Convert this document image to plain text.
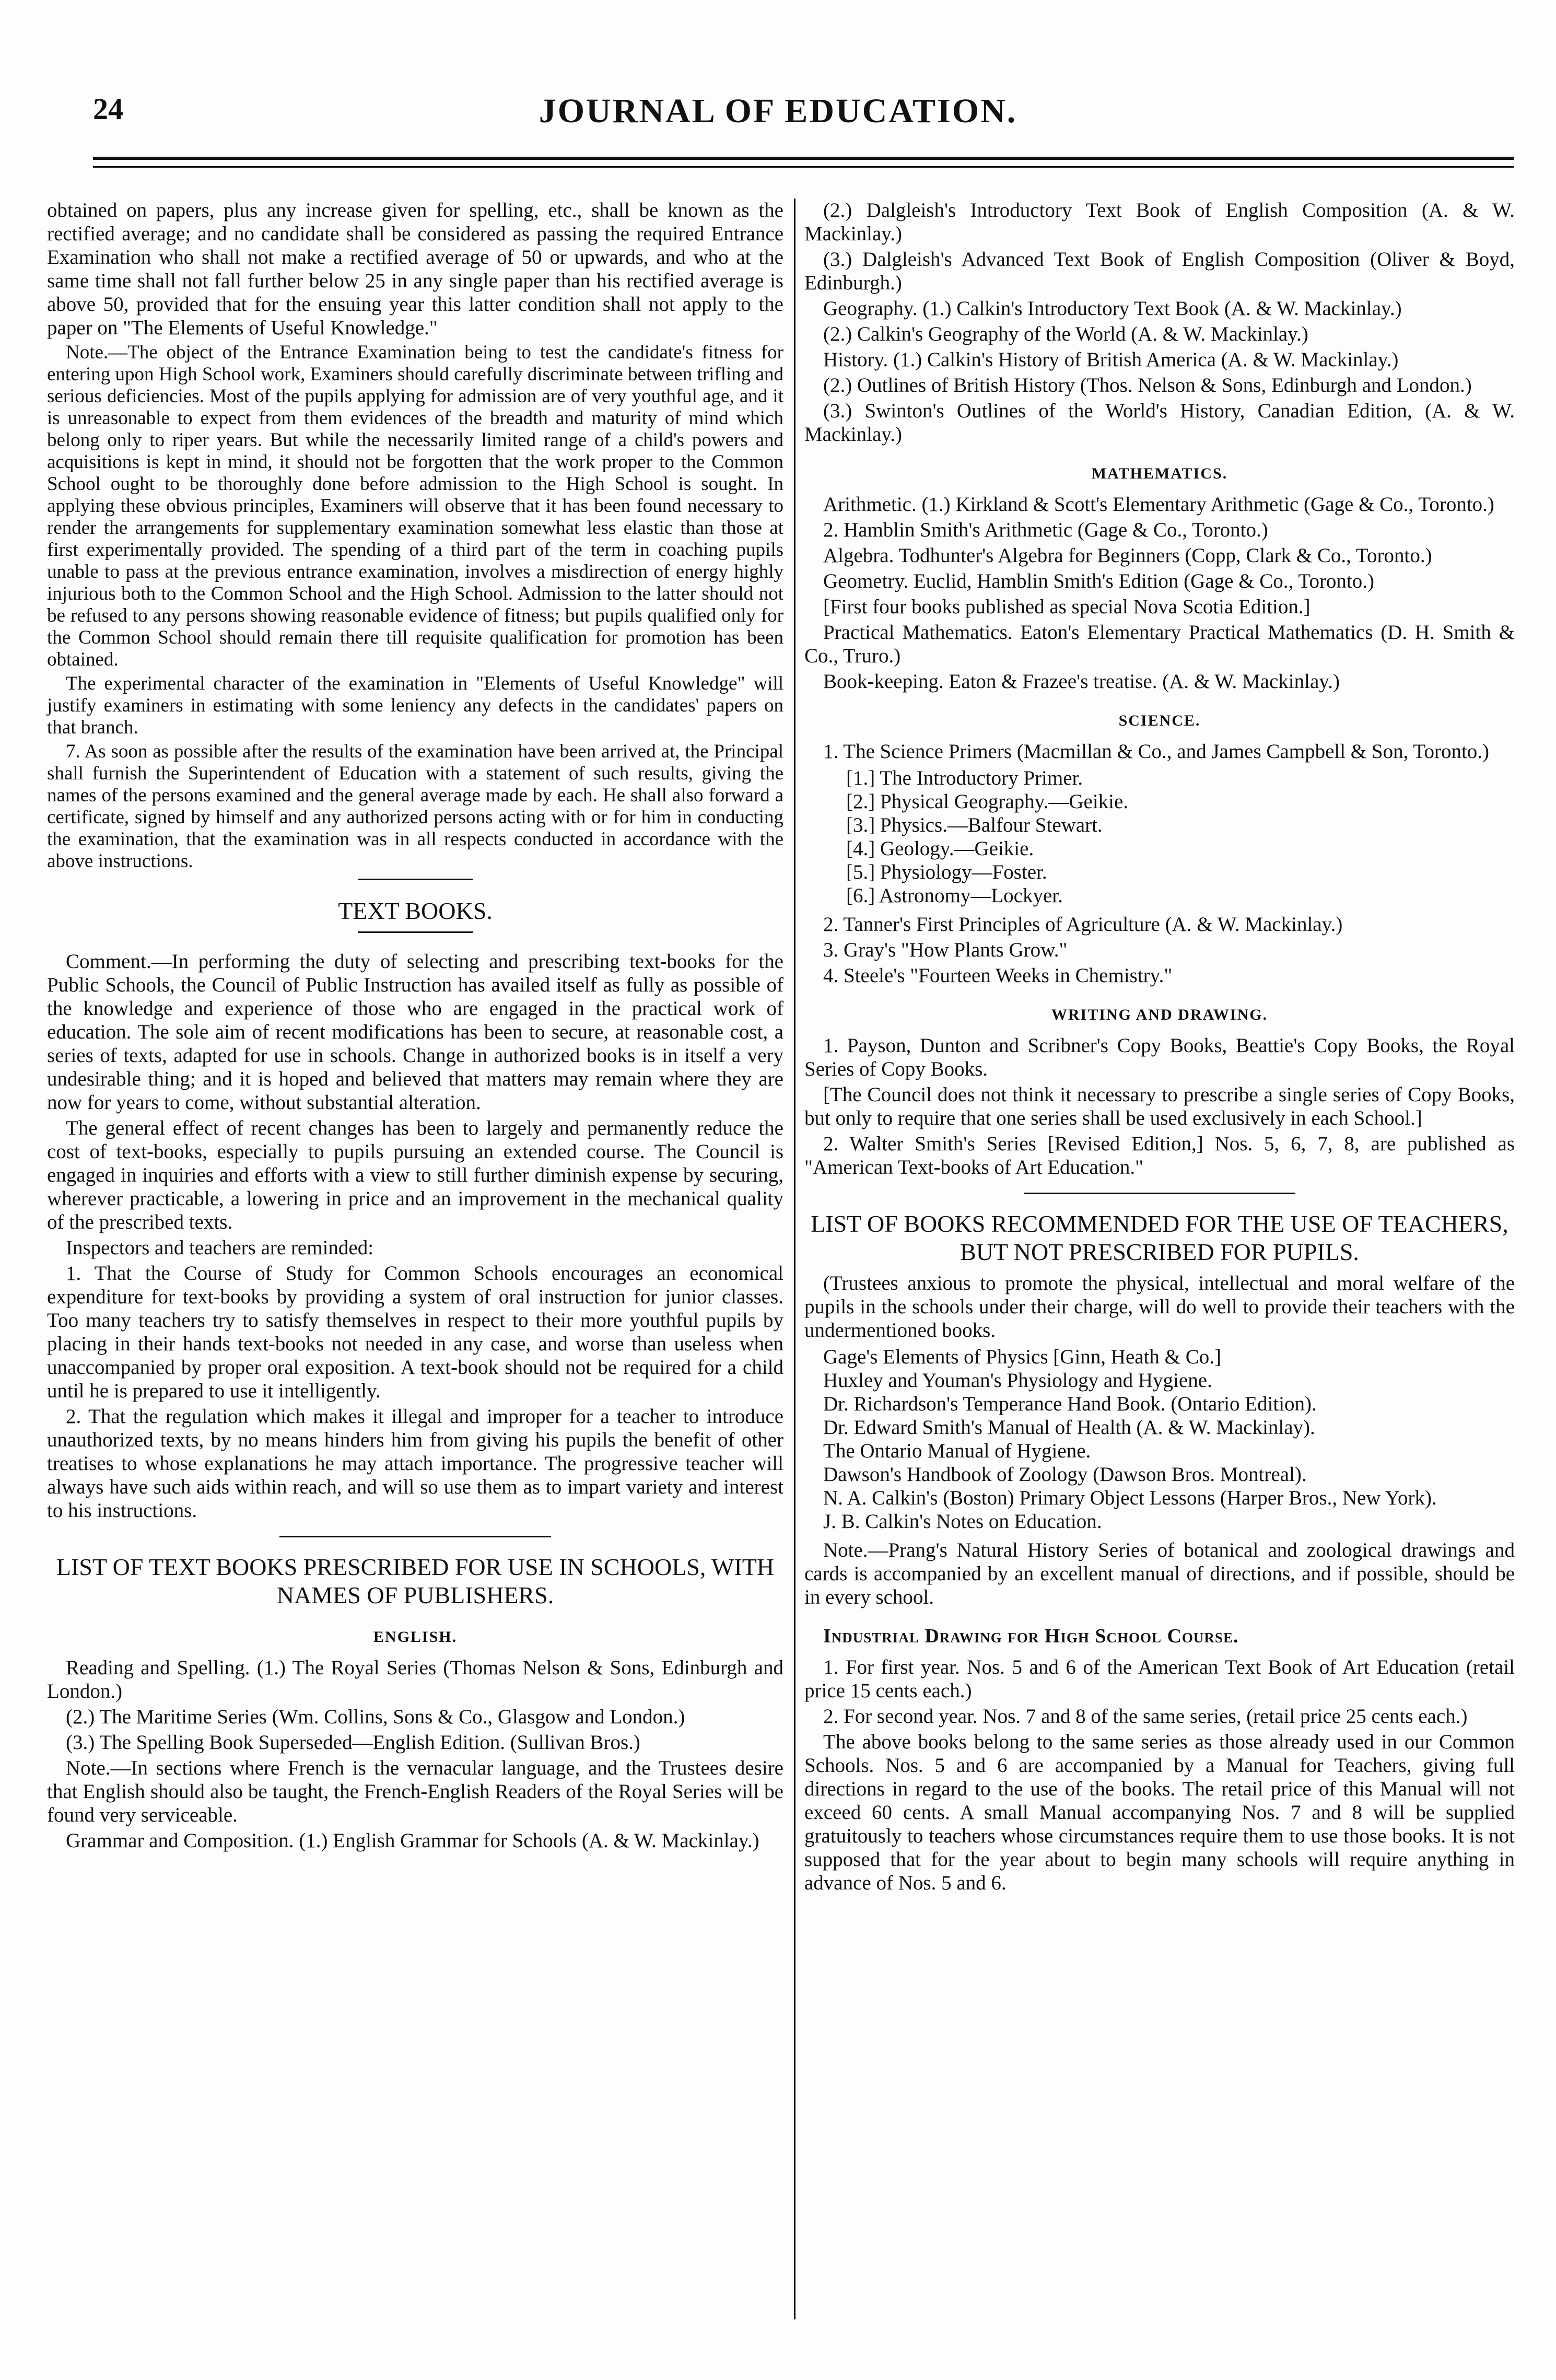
24	JOURNAL OF EDUCATION.

obtained on papers, plus any increase given for spelling, etc., shall be known as the rectified average; and no candidate shall be considered as passing the required Entrance Examination who shall not make a rectified average of 50 or upwards, and who at the same time shall not fall further below 25 in any single paper than his rectified average is above 50, provided that for the ensuing year this latter condition shall not apply to the paper on "The Elements of Useful Knowledge."

Note.—The object of the Entrance Examination being to test the candidate's fitness for entering upon High School work, Examiners should carefully discriminate between trifling and serious deficiencies. Most of the pupils applying for admission are of very youthful age, and it is unreasonable to expect from them evidences of the breadth and maturity of mind which belong only to riper years. But while the necessarily limited range of a child's powers and acquisitions is kept in mind, it should not be forgotten that the work proper to the Common School ought to be thoroughly done before admission to the High School is sought. In applying these obvious principles, Examiners will observe that it has been found necessary to render the arrangements for supplementary examination somewhat less elastic than those at first experimentally provided. The spending of a third part of the term in coaching pupils unable to pass at the previous entrance examination, involves a misdirection of energy highly injurious both to the Common School and the High School. Admission to the latter should not be refused to any persons showing reasonable evidence of fitness; but pupils qualified only for the Common School should remain there till requisite qualification for promotion has been obtained.

The experimental character of the examination in "Elements of Useful Knowledge" will justify examiners in estimating with some leniency any defects in the candidates' papers on that branch.

7. As soon as possible after the results of the examination have been arrived at, the Principal shall furnish the Superintendent of Education with a statement of such results, giving the names of the persons examined and the general average made by each. He shall also forward a certificate, signed by himself and any authorized persons acting with or for him in conducting the examination, that the examination was in all respects conducted in accordance with the above instructions.

TEXT BOOKS.

Comment.—In performing the duty of selecting and prescribing text-books for the Public Schools, the Council of Public Instruction has availed itself as fully as possible of the knowledge and experience of those who are engaged in the practical work of education. The sole aim of recent modifications has been to secure, at reasonable cost, a series of texts, adapted for use in schools. Change in authorized books is in itself a very undesirable thing; and it is hoped and believed that matters may remain where they are now for years to come, without substantial alteration.

The general effect of recent changes has been to largely and permanently reduce the cost of text-books, especially to pupils pursuing an extended course. The Council is engaged in inquiries and efforts with a view to still further diminish expense by securing, wherever practicable, a lowering in price and an improvement in the mechanical quality of the prescribed texts.

Inspectors and teachers are reminded:

1. That the Course of Study for Common Schools encourages an economical expenditure for text-books by providing a system of oral instruction for junior classes. Too many teachers try to satisfy themselves in respect to their more youthful pupils by placing in their hands text-books not needed in any case, and worse than useless when unaccompanied by proper oral exposition. A text-book should not be required for a child until he is prepared to use it intelligently.

2. That the regulation which makes it illegal and improper for a teacher to introduce unauthorized texts, by no means hinders him from giving his pupils the benefit of other treatises to whose explanations he may attach importance. The progressive teacher will always have such aids within reach, and will so use them as to impart variety and interest to his instructions.

LIST OF TEXT BOOKS PRESCRIBED FOR USE IN SCHOOLS, WITH NAMES OF PUBLISHERS.
ENGLISH.

Reading and Spelling. (1.) The Royal Series (Thomas Nelson & Sons, Edinburgh and London.)

(2.) The Maritime Series (Wm. Collins, Sons & Co., Glasgow and London.)

(3.) The Spelling Book Superseded—English Edition. (Sullivan Bros.)

Note.—In sections where French is the vernacular language, and the Trustees desire that English should also be taught, the French-English Readers of the Royal Series will be found very serviceable.

Grammar and Composition. (1.) English Grammar for Schools (A. & W. Mackinlay.)

(2.) Dalgleish's Introductory Text Book of English Composition (A. & W. Mackinlay.)

(3.) Dalgleish's Advanced Text Book of English Composition (Oliver & Boyd, Edinburgh.)

Geography. (1.) Calkin's Introductory Text Book (A. & W. Mackinlay.)

(2.) Calkin's Geography of the World (A. & W. Mackinlay.)

History. (1.) Calkin's History of British America (A. & W. Mackinlay.)

(2.) Outlines of British History (Thos. Nelson & Sons, Edinburgh and London.)

(3.) Swinton's Outlines of the World's History, Canadian Edition, (A. & W. Mackinlay.)

MATHEMATICS.

Arithmetic. (1.) Kirkland & Scott's Elementary Arithmetic (Gage & Co., Toronto.)

2. Hamblin Smith's Arithmetic (Gage & Co., Toronto.)

Algebra. Todhunter's Algebra for Beginners (Copp, Clark & Co., Toronto.)

Geometry. Euclid, Hamblin Smith's Edition (Gage & Co., Toronto.)

[First four books published as special Nova Scotia Edition.]

Practical Mathematics. Eaton's Elementary Practical Mathematics (D. H. Smith & Co., Truro.)

Book-keeping. Eaton & Frazee's treatise. (A. & W. Mackinlay.)

SCIENCE.

1. The Science Primers (Macmillan & Co., and James Campbell & Son, Toronto.)

[1.] The Introductory Primer.
[2.] Physical Geography.—Geikie.
[3.] Physics.—Balfour Stewart.
[4.] Geology.—Geikie.
[5.] Physiology—Foster.
[6.] Astronomy—Lockyer.

2. Tanner's First Principles of Agriculture (A. & W. Mackinlay.)

3. Gray's "How Plants Grow."

4. Steele's "Fourteen Weeks in Chemistry."

WRITING AND DRAWING.

1. Payson, Dunton and Scribner's Copy Books, Beattie's Copy Books, the Royal Series of Copy Books.

[The Council does not think it necessary to prescribe a single series of Copy Books, but only to require that one series shall be used exclusively in each School.]

2. Walter Smith's Series [Revised Edition,] Nos. 5, 6, 7, 8, are published as "American Text-books of Art Education."

LIST OF BOOKS RECOMMENDED FOR THE USE OF TEACHERS, BUT NOT PRESCRIBED FOR PUPILS.

(Trustees anxious to promote the physical, intellectual and moral welfare of the pupils in the schools under their charge, will do well to provide their teachers with the undermentioned books.

Gage's Elements of Physics [Ginn, Heath & Co.]
Huxley and Youman's Physiology and Hygiene.
Dr. Richardson's Temperance Hand Book. (Ontario Edition).
Dr. Edward Smith's Manual of Health (A. & W. Mackinlay).
The Ontario Manual of Hygiene.
Dawson's Handbook of Zoology (Dawson Bros. Montreal).
N. A. Calkin's (Boston) Primary Object Lessons (Harper Bros., New York).
J. B. Calkin's Notes on Education.

Note.—Prang's Natural History Series of botanical and zoological drawings and cards is accompanied by an excellent manual of directions, and if possible, should be in every school.

Industrial Drawing for High School Course.

1. For first year. Nos. 5 and 6 of the American Text Book of Art Education (retail price 15 cents each.)

2. For second year. Nos. 7 and 8 of the same series, (retail price 25 cents each.)

The above books belong to the same series as those already used in our Common Schools. Nos. 5 and 6 are accompanied by a Manual for Teachers, giving full directions in regard to the use of the books. The retail price of this Manual will not exceed 60 cents. A small Manual accompanying Nos. 7 and 8 will be supplied gratuitously to teachers whose circumstances require them to use those books. It is not supposed that for the year about to begin many schools will require anything in advance of Nos. 5 and 6.
